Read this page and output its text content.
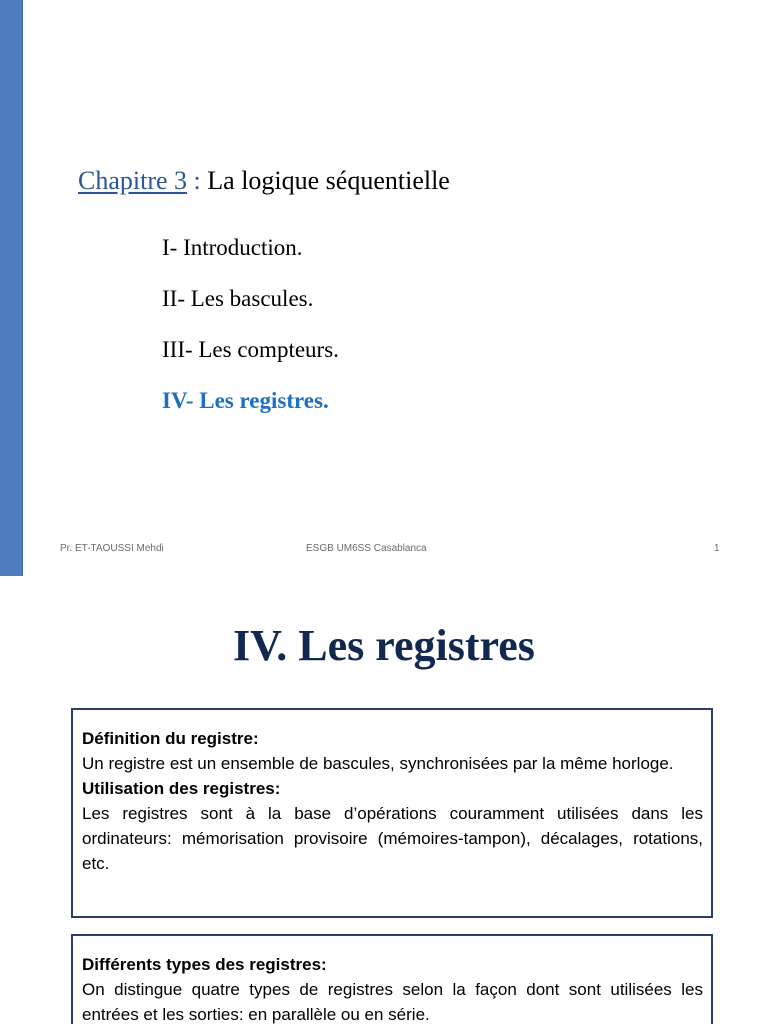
Chapitre 3 : La logique séquentielle
I- Introduction.
II- Les bascules.
III- Les compteurs.
IV- Les registres.
Pr. ET-TAOUSSI Mehdi	ESGB UM6SS Casablanca	1
IV. Les registres
Définition du registre:
Un registre est un ensemble de bascules, synchronisées par la même horloge.
Utilisation des registres:
Les registres sont à la base d’opérations couramment utilisées dans les ordinateurs: mémorisation provisoire (mémoires-tampon), décalages, rotations, etc.
Différents types des registres:
On distingue quatre types de registres selon la façon dont sont utilisées les entrées et les sorties: en parallèle ou en série.
